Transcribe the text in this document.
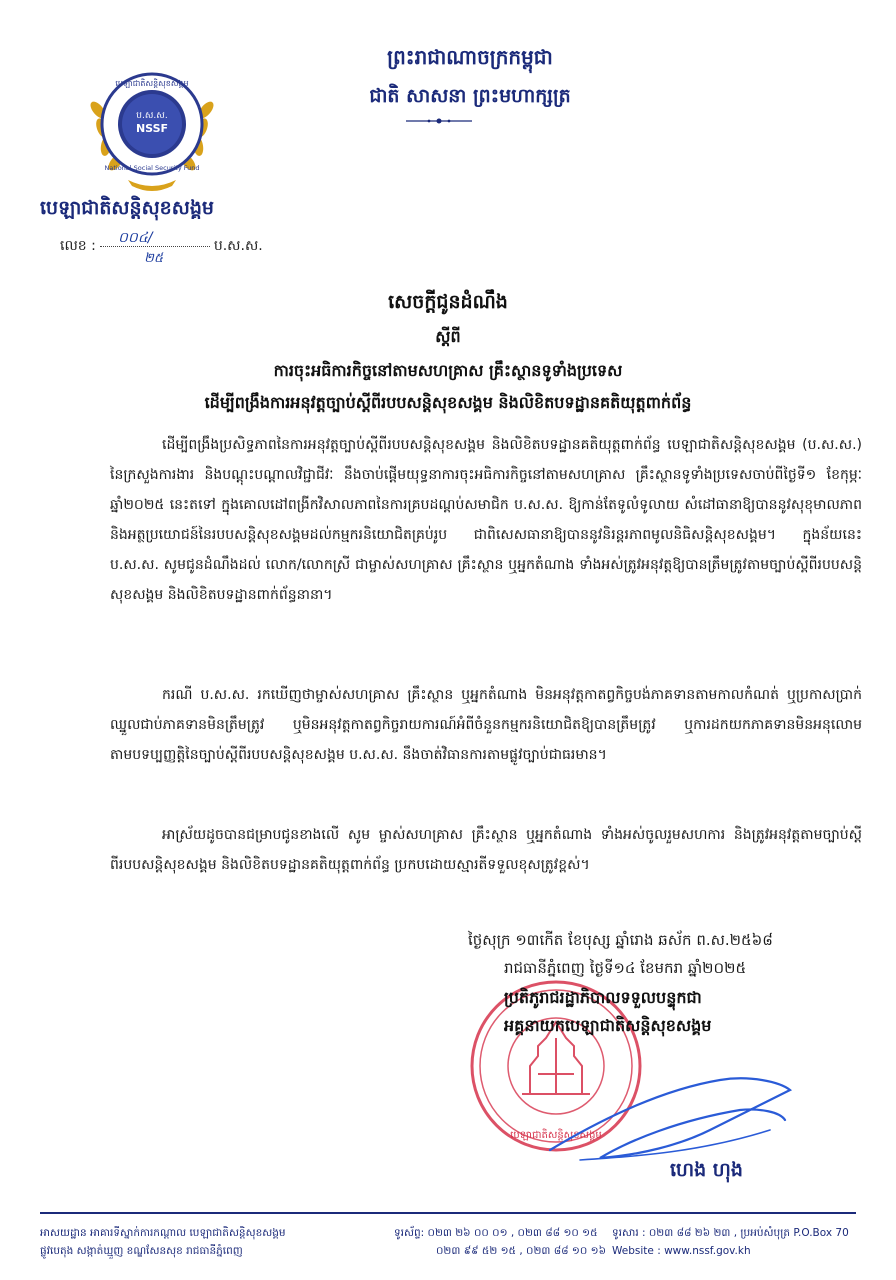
ប.ស.ស.
NSSF
បេឡាជាតិសន្តិសុខសង្គម
National Social Security Fund
បេឡាជាតិសន្តិសុខសង្គម
លេខ :	ប.ស.ស.
០០៤/
២៥
ព្រះរាជាណាចក្រកម្ពុជា
ជាតិ សាសនា ព្រះមហាក្សត្រ
សេចក្តីជូនដំណឹង
ស្តីពី
ការចុះអធិការកិច្ចនៅតាមសហគ្រាស គ្រឹះស្ថានទូទាំងប្រទេស
ដើម្បីពង្រឹងការអនុវត្តច្បាប់ស្តីពីរបបសន្តិសុខសង្គម និងលិខិតបទដ្ឋានគតិយុត្តពាក់ព័ន្ធ
ដើម្បីពង្រឹងប្រសិទ្ធភាពនៃការអនុវត្តច្បាប់ស្តីពីរបបសន្តិសុខសង្គម និងលិខិតបទដ្ឋានគតិយុត្តពាក់ព័ន្ធ បេឡាជាតិសន្តិសុខសង្គម (ប.ស.ស.) នៃក្រសួងការងារ និងបណ្តុះបណ្តាលវិជ្ជាជីវៈ នឹងចាប់ផ្តើមយុទ្ធនាការចុះអធិការកិច្ចនៅតាមសហគ្រាស គ្រឹះស្ថានទូទាំងប្រទេសចាប់ពីថ្ងៃទី១ ខែកុម្ភៈ ឆ្នាំ២០២៥ នេះតទៅ ក្នុងគោលដៅពង្រីកវិសាលភាពនៃការគ្របដណ្តប់សមាជិក ប.ស.ស. ឱ្យកាន់តែទូលំទូលាយ សំដៅធានាឱ្យបាននូវសុខុមាលភាព និងអត្ថប្រយោជន៍នៃរបបសន្តិសុខសង្គមដល់កម្មករនិយោជិតគ្រប់រូប ជាពិសេសធានាឱ្យបាននូវនិរន្តរភាពមូលនិធិសន្តិសុខសង្គម។ ក្នុងន័យនេះ ប.ស.ស. សូមជូនដំណឹងដល់ លោក/លោកស្រី ជាម្ចាស់សហគ្រាស គ្រឹះស្ថាន ឬអ្នកតំណាង ទាំងអស់ត្រូវអនុវត្តឱ្យបានត្រឹមត្រូវតាមច្បាប់ស្តីពីរបបសន្តិសុខសង្គម និងលិខិតបទដ្ឋានពាក់ព័ន្ធនានា។
ករណី ប.ស.ស. រកឃើញថាម្ចាស់សហគ្រាស គ្រឹះស្ថាន ឬអ្នកតំណាង មិនអនុវត្តកាតព្វកិច្ចបង់ភាគទានតាមកាលកំណត់ ឬប្រកាសប្រាក់ឈ្នួលជាប់ភាគទានមិនត្រឹមត្រូវ ឬមិនអនុវត្តកាតព្វកិច្ចរាយការណ៍អំពីចំនួនកម្មករនិយោជិតឱ្យបានត្រឹមត្រូវ ឬការដកយកភាគទានមិនអនុលោមតាមបទប្បញ្ញត្តិនៃច្បាប់ស្តីពីរបបសន្តិសុខសង្គម ប.ស.ស. នឹងចាត់វិធានការតាមផ្លូវច្បាប់ជាធរមាន។
អាស្រ័យដូចបានជម្រាបជូនខាងលើ សូម ម្ចាស់សហគ្រាស គ្រឹះស្ថាន ឬអ្នកតំណាង ទាំងអស់ចូលរួមសហការ និងត្រូវអនុវត្តតាមច្បាប់ស្តីពីរបបសន្តិសុខសង្គម និងលិខិតបទដ្ឋានគតិយុត្តពាក់ព័ន្ធ ប្រកបដោយស្មារតីទទួលខុសត្រូវខ្ពស់។
ថ្ងៃសុក្រ ១៣កើត ខែបុស្ស ឆ្នាំរោង ឆស័ក ព.ស.២៥៦៨
រាជធានីភ្នំពេញ ថ្ងៃទី១៤ ខែមករា ឆ្នាំ២០២៥
បេឡាជាតិសន្តិសុខសង្គម
ប្រតិភូរាជរដ្ឋាភិបាលទទួលបន្ទុកជា
អគ្គនាយកបេឡាជាតិសន្តិសុខសង្គម
ហេង ហុង
អាសយដ្ឋាន អាគារទីស្នាក់ការកណ្តាល បេឡាជាតិសន្តិសុខសង្គម
ផ្លូវបេតុង សង្កាត់ឃ្មួញ ខណ្ឌសែនសុខ រាជធានីភ្នំពេញ
ទូរស័ព្ទ: ០២៣ ២៦ ០០ ០១ , ០២៣ ៨៨ ១០ ១៥
០២៣ ៩៩ ៥២ ១៥ , ០២៣ ៨៨ ១០ ១៦
ទូរសារ : ០២៣ ៨៨ ២៦ ២៣ , ប្រអប់សំបុត្រ P.O.Box 70
Website : www.nssf.gov.kh
